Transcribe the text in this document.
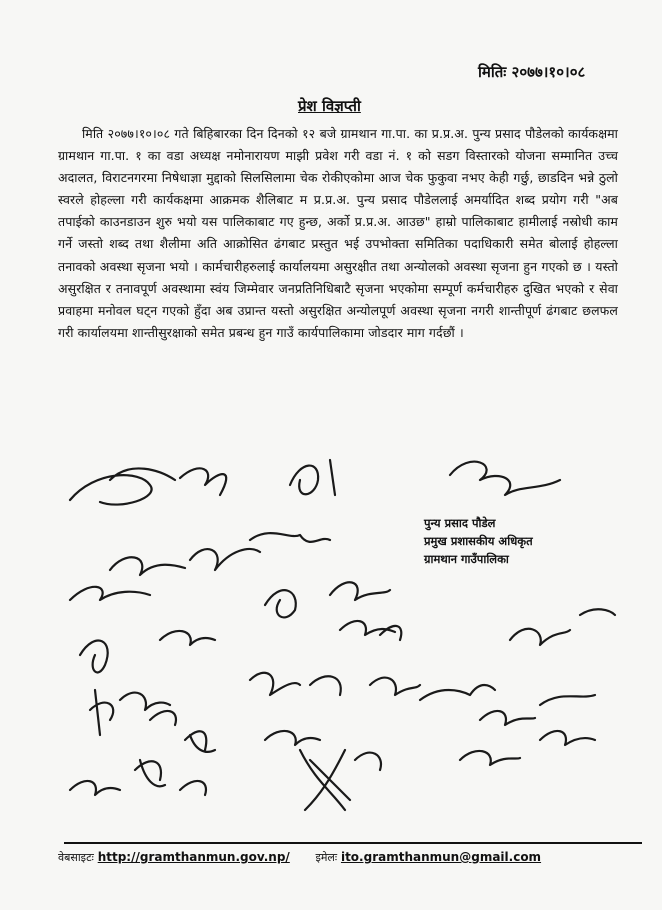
मितिः २०७७।१०।०८
प्रेश विज्ञप्ती

मिति २०७७।१०।०८ गते बिहिबारका दिन दिनको १२ बजे ग्रामथान गा.पा. का प्र.प्र.अ. पुन्य प्रसाद पौडेलको कार्यकक्षमा ग्रामथान गा.पा. १ का वडा अध्यक्ष नमोनारायण माझी प्रवेश गरी वडा नं. १ को सडग विस्तारको योजना सम्मानित उच्च अदालत, विराटनगरमा निषेधाज्ञा मुद्दाको सिलसिलामा चेक रोकीएकोमा आज चेक फुकुवा नभए केही गर्छु, छाडदिन भन्ने ठुलो स्वरले होहल्ला गरी कार्यकक्षमा आक्रमक शैलिबाट म प्र.प्र.अ. पुन्य प्रसाद पौडेललाई अमर्यादित शब्द प्रयोग गरी "अब तपाईको काउनडाउन शुरु भयो यस पालिकाबाट गए हुन्छ, अर्को प्र.प्र.अ. आउछ" हाम्रो पालिकाबाट हामीलाई नस्रोधी काम गर्ने जस्तो शब्द तथा शैलीमा अति आक्रोसित ढंगबाट प्रस्तुत भई उपभोक्ता समितिका पदाधिकारी समेत बोलाई होहल्ला तनावको अवस्था सृजना भयो । कार्मचारीहरुलाई कार्यालयमा असुरक्षीत तथा अन्योलको अवस्था सृजना हुन गएको छ । यस्तो असुरक्षित र तनावपूर्ण अवस्थामा स्वंय जिम्मेवार जनप्रतिनिधिबाटै सृजना भएकोमा सम्पूर्ण कर्मचारीहरु दुखित भएको र सेवा प्रवाहमा मनोवल घट्न गएको हुँदा अब उप्रान्त यस्तो असुरक्षित अन्योलपूर्ण अवस्था सृजना नगरी शान्तीपूर्ण ढंगबाट छलफल गरी कार्यालयमा शान्तीसुरक्षाको समेत प्रबन्ध हुन गाउँ कार्यपालिकामा जोडदार माग गर्दछौं ।

पुन्य प्रसाद पौडेल
प्रमुख प्रशासकीय अधिकृत
ग्रामथान गाउँपालिका
वेबसाइटः http://gramthanmun.gov.np/ इमेलः ito.gramthanmun@gmail.com
